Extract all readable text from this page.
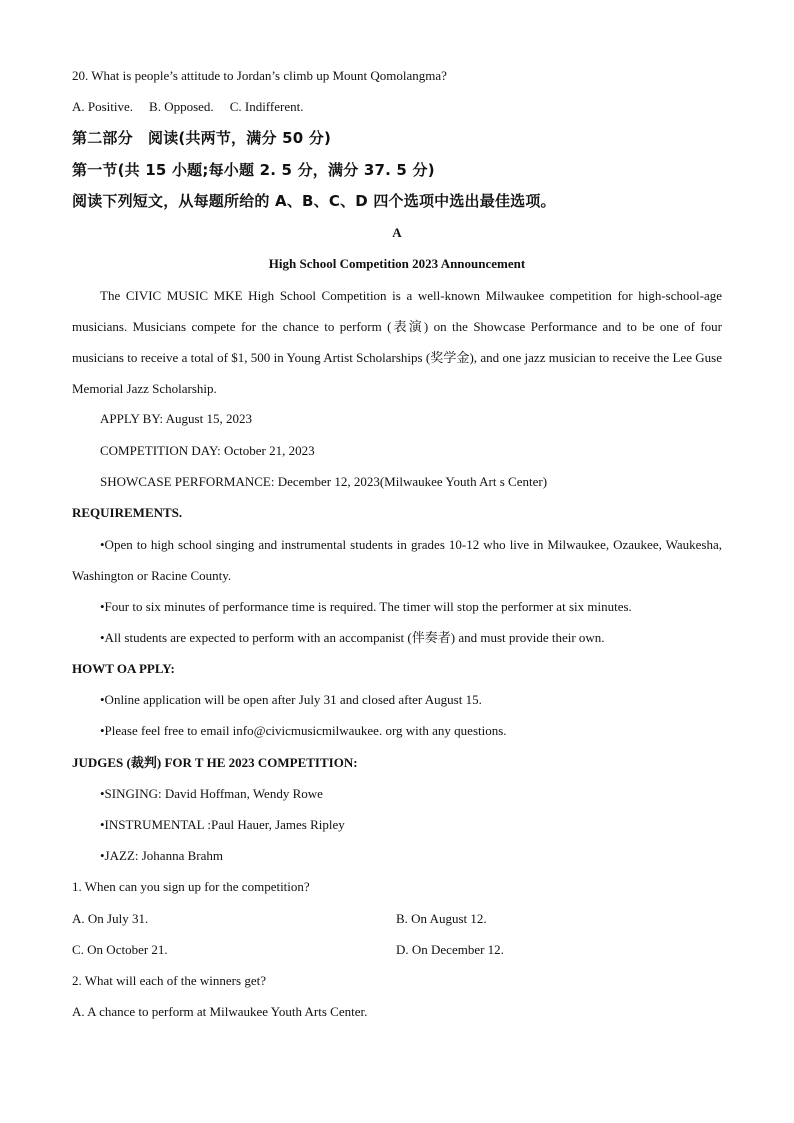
20. What is people’s attitude to Jordan’s climb up Mount Qomolangma?
A. Positive. B. Opposed. C. Indifferent.
第二部分　阅读(共两节，满分 50 分)
第一节(共 15 小题;每小题 2. 5 分，满分 37. 5 分)
阅读下列短文，从每题所给的 A、B、C、D 四个选项中选出最佳选项。
A
High School Competition 2023 Announcement
The CIVIC MUSIC MKE High School Competition is a well-known Milwaukee competition for high-school-age musicians. Musicians compete for the chance to perform (表演) on the Showcase Performance and to be one of four musicians to receive a total of $1, 500 in Young Artist Scholarships (奖学金), and one jazz musician to receive the Lee Guse Memorial Jazz Scholarship.
APPLY BY: August 15, 2023
COMPETITION DAY: October 21, 2023
SHOWCASE PERFORMANCE: December 12, 2023(Milwaukee Youth Art s Center)
REQUIREMENTS.
•Open to high school singing and instrumental students in grades 10-12 who live in Milwaukee, Ozaukee, Waukesha, Washington or Racine County.
•Four to six minutes of performance time is required. The timer will stop the performer at six minutes.
•All students are expected to perform with an accompanist (伴奏者) and must provide their own.
HOWT OA PPLY:
•Online application will be open after July 31 and closed after August 15.
•Please feel free to email info@civicmusicmilwaukee. org with any questions.
JUDGES (裁判) FOR T HE 2023 COMPETITION:
•SINGING: David Hoffman, Wendy Rowe
•INSTRUMENTAL :Paul Hauer, James Ripley
•JAZZ: Johanna Brahm
1. When can you sign up for the competition?
A. On July 31.	B. On August 12.
C. On October 21.	D. On December 12.
2. What will each of the winners get?
A. A chance to perform at Milwaukee Youth Arts Center.
